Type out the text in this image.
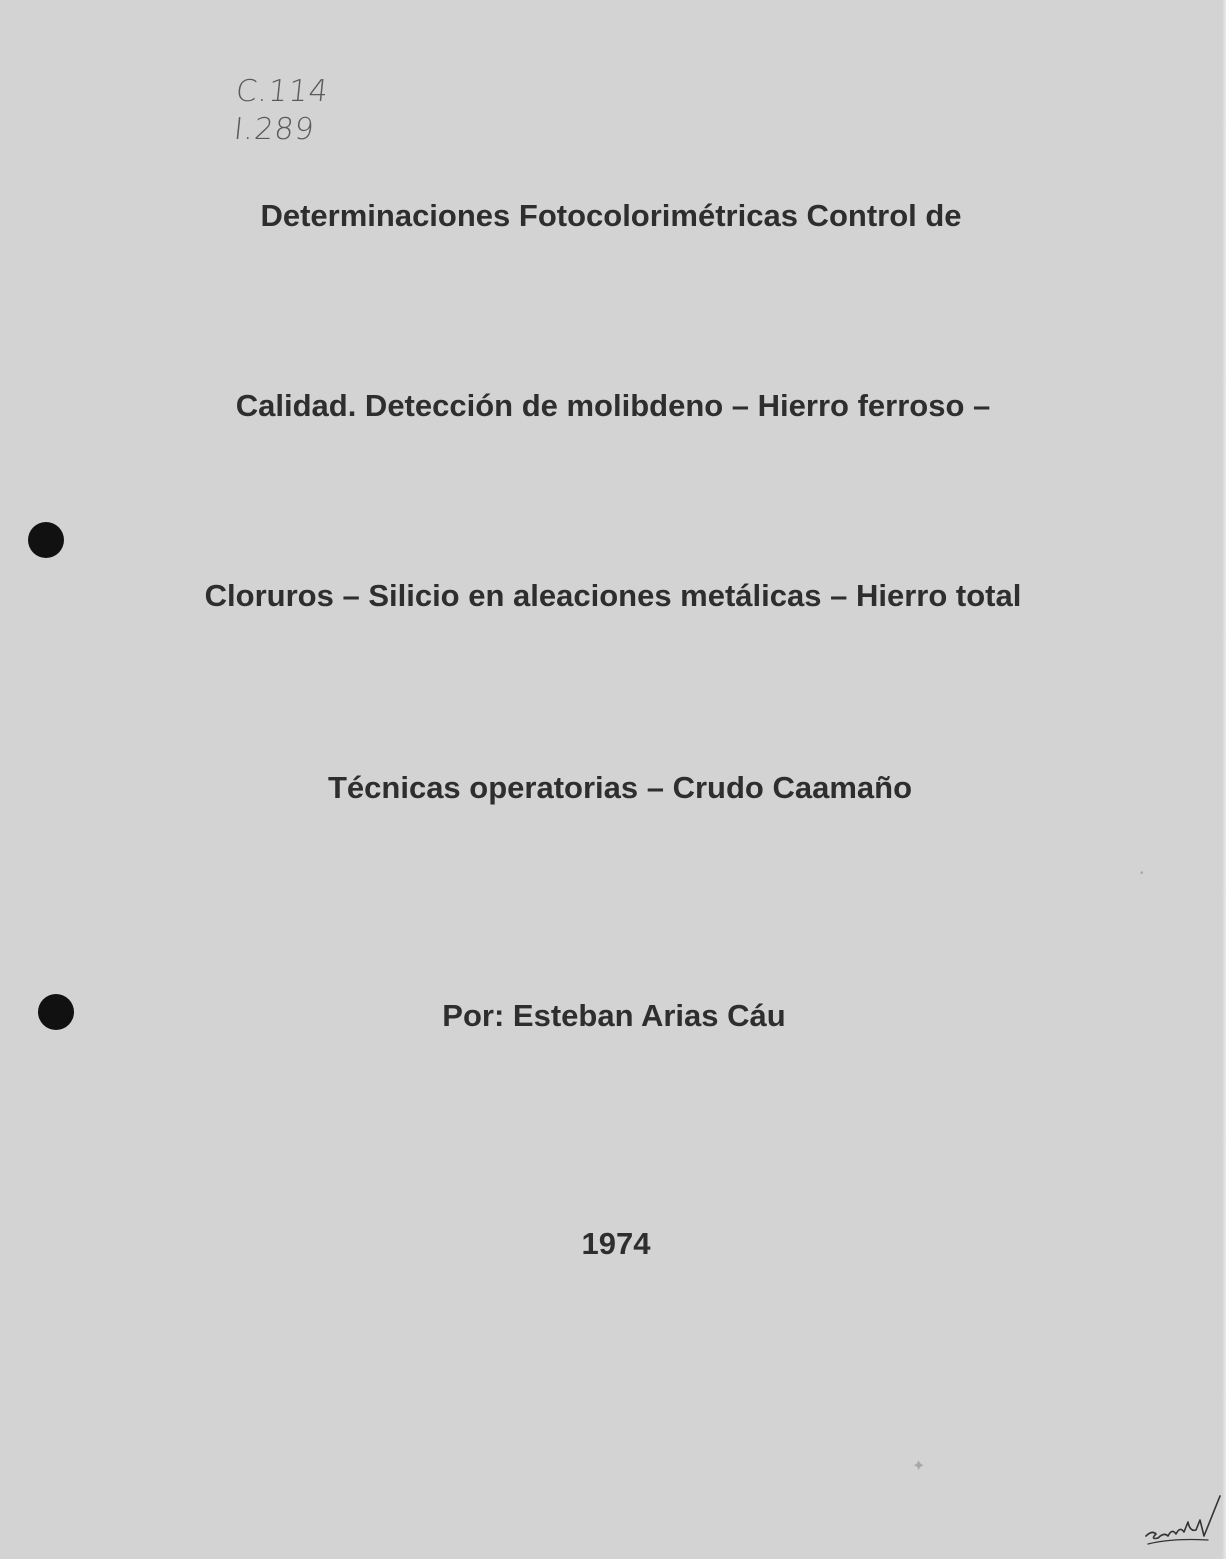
C.114
I.289
Determinaciones Fotocolorimétricas Control de
Calidad. Detección de molibdeno – Hierro ferroso –
Cloruros – Silicio en aleaciones metálicas – Hierro total
Técnicas operatorias – Crudo Caamaño
Por: Esteban Arias Cáu
1974
✦
•
